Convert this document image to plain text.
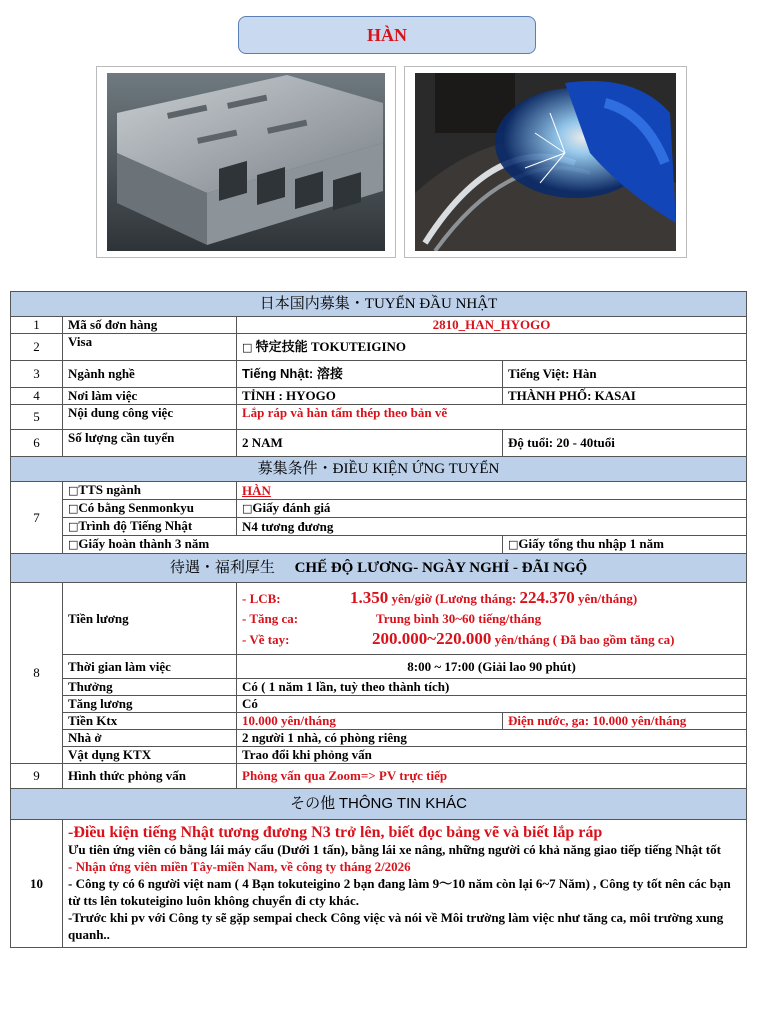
HÀN
日本国内募集・TUYỂN ĐẦU NHẬT			
1	Mã số đơn hàng	2810_HAN_HYOGO	
2	Visa	□ 特定技能 TOKUTEIGINO	
3	Ngành nghề	Tiếng Nhật: 溶接	Tiếng Việt: Hàn
4	Nơi làm việc	TỈNH : HYOGO	THÀNH PHỐ: KASAI
5	Nội dung công việc	Lắp ráp và hàn tấm thép theo bản vẽ	
6	Số lượng cần tuyển	2 NAM	Độ tuổi: 20 - 40tuổi
募集条件・ĐIỀU KIỆN ỨNG TUYỂN			
7	□TTS ngành	HÀN	
	□Có bằng Senmonkyu	□Giấy đánh giá	
	□Trình độ Tiếng Nhật	N4 tương đương	
	□Giấy hoàn thành 3 năm		□Giấy tổng thu nhập 1 năm
待遇・福利厚生 CHẾ ĐỘ LƯƠNG- NGÀY NGHỈ - ĐÃI NGỘ			
8	Tiền lương	- LCB: 1.350 yên/giờ (Lương tháng: 224.370 yên/tháng)
- Tăng ca: Trung bình 30~60 tiếng/tháng
- Về tay: 200.000~220.000 yên/tháng ( Đã bao gồm tăng ca)	

	Thời gian làm việc	8:00 ~ 17:00 (Giải lao 90 phút)	
	Thưởng	Có ( 1 năm 1 lần, tuỳ theo thành tích)	
	Tăng lương	Có	
	Tiền Ktx	10.000 yên/tháng	Điện nước, ga: 10.000 yên/tháng
	Nhà ở	2 người 1 nhà, có phòng riêng	
	Vật dụng KTX	Trao đổi khi phỏng vấn	

9	Hình thức phỏng vấn	Phỏng vấn qua Zoom=> PV trực tiếp	
その他 THÔNG TIN KHÁC			
10	-Điều kiện tiếng Nhật tương đương N3 trở lên, biết đọc bảng vẽ và biết lắp ráp
Ưu tiên ứng viên có bằng lái máy cẩu (Dưới 1 tấn), bằng lái xe nâng, những người có khả năng giao tiếp tiếng Nhật tốt
- Nhận ứng viên miền Tây-miền Nam, về công ty tháng 2/2026
- Công ty có 6 người việt nam ( 4 Bạn tokuteigino 2 bạn đang làm 9～10 năm còn lại 6~7 Năm) , Công ty tốt nên các bạn từ tts lên tokuteigino luôn không chuyển đi cty khác.
-Trước khi pv với Công ty sẽ gặp sempai check Công việc và nói về Môi trường làm việc như tăng ca, môi trường xung quanh..		
